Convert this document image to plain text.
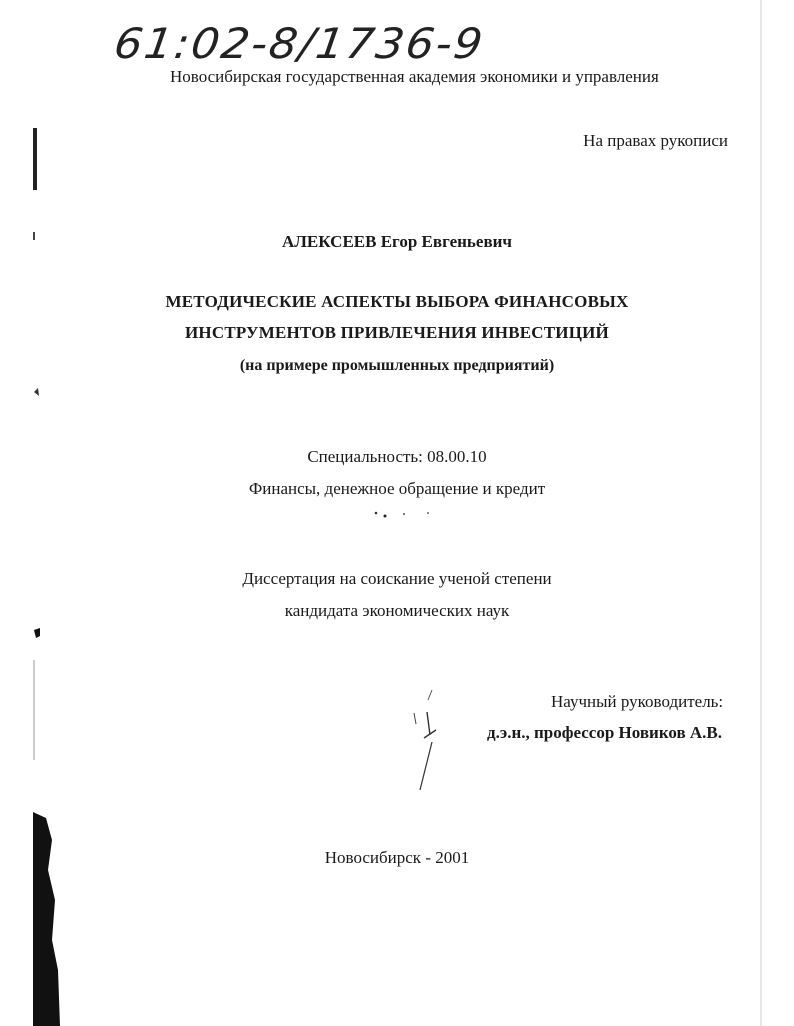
61:02-8/1736-9
Новосибирская государственная академия экономики и управления
На правах рукописи
АЛЕКСЕЕВ Егор Евгеньевич
МЕТОДИЧЕСКИЕ АСПЕКТЫ ВЫБОРА ФИНАНСОВЫХ
ИНСТРУМЕНТОВ ПРИВЛЕЧЕНИЯ ИНВЕСТИЦИЙ
(на примере промышленных предприятий)
Специальность: 08.00.10
Финансы, денежное обращение и кредит
Диссертация на соискание ученой степени
кандидата экономических наук
Научный руководитель:
д.э.н., профессор Новиков А.В.
Новосибирск - 2001
